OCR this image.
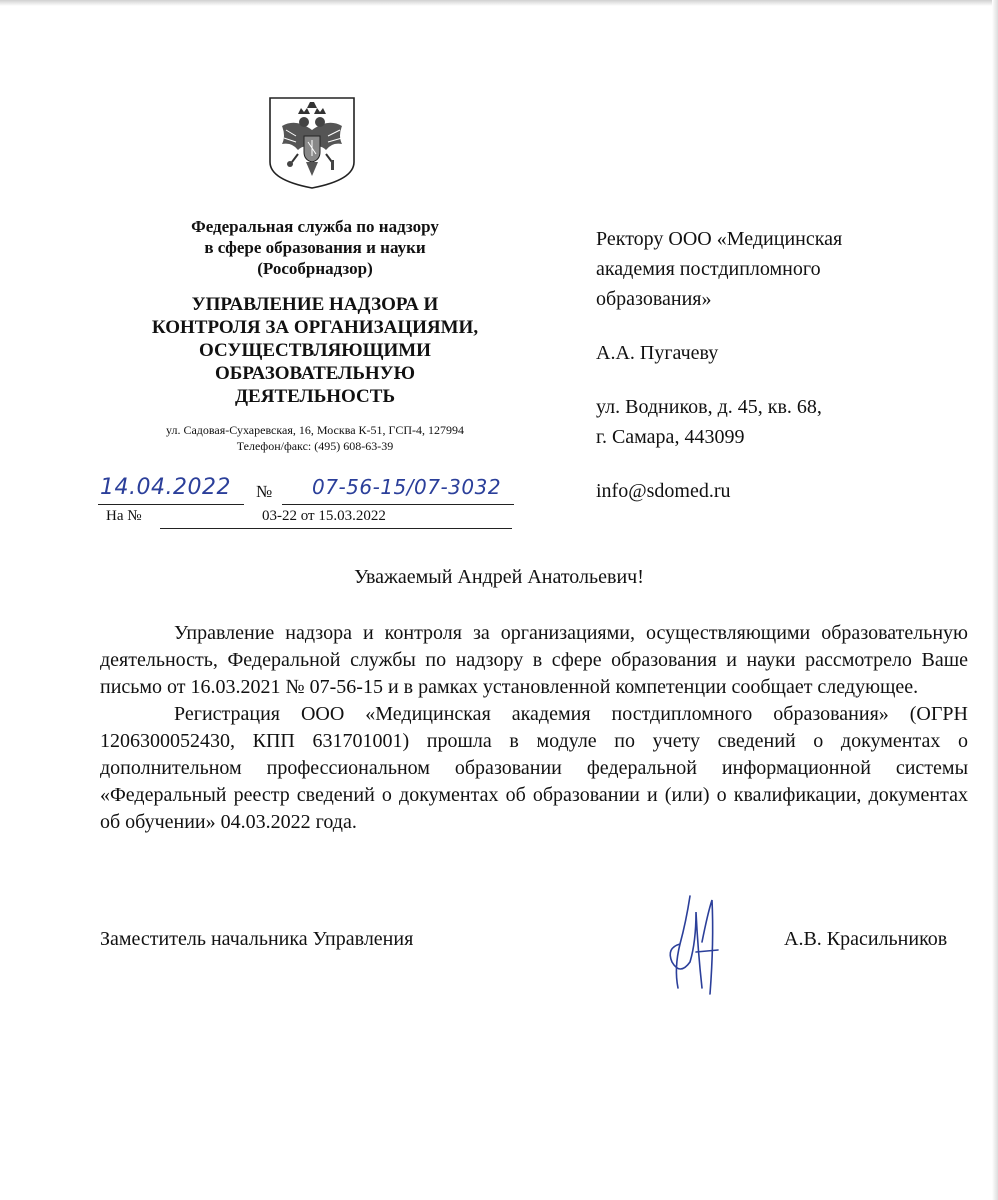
Федеральная служба по надзору
в сфере образования и науки
(Рособрнадзор)
УПРАВЛЕНИЕ НАДЗОРА И
КОНТРОЛЯ ЗА ОРГАНИЗАЦИЯМИ,
ОСУЩЕСТВЛЯЮЩИМИ
ОБРАЗОВАТЕЛЬНУЮ
ДЕЯТЕЛЬНОСТЬ
ул. Садовая-Сухаревская, 16, Москва К-51, ГСП-4, 127994
Телефон/факс: (495) 608-63-39
14.04.2022 № 07-56-15/07-3032
На №	03-22 от 15.03.2022
Ректору ООО «Медицинская
академия постдипломного
образования»
А.А. Пугачеву
ул. Водников, д. 45, кв. 68,
г. Самара, 443099
info@sdomed.ru
Уважаемый Андрей Анатольевич!

Управление надзора и контроля за организациями, осуществляющими образовательную деятельность, Федеральной службы по надзору в сфере образования и науки рассмотрело Ваше письмо от 16.03.2021 № 07-56-15 и в рамках установленной компетенции сообщает следующее.

Регистрация ООО «Медицинская академия постдипломного образования» (ОГРН 1206300052430, КПП 631701001) прошла в модуле по учету сведений о документах о дополнительном профессиональном образовании федеральной информационной системы «Федеральный реестр сведений о документах об образовании и (или) о квалификации, документах об обучении» 04.03.2022 года.

Заместитель начальника Управления	А.В. Красильников
